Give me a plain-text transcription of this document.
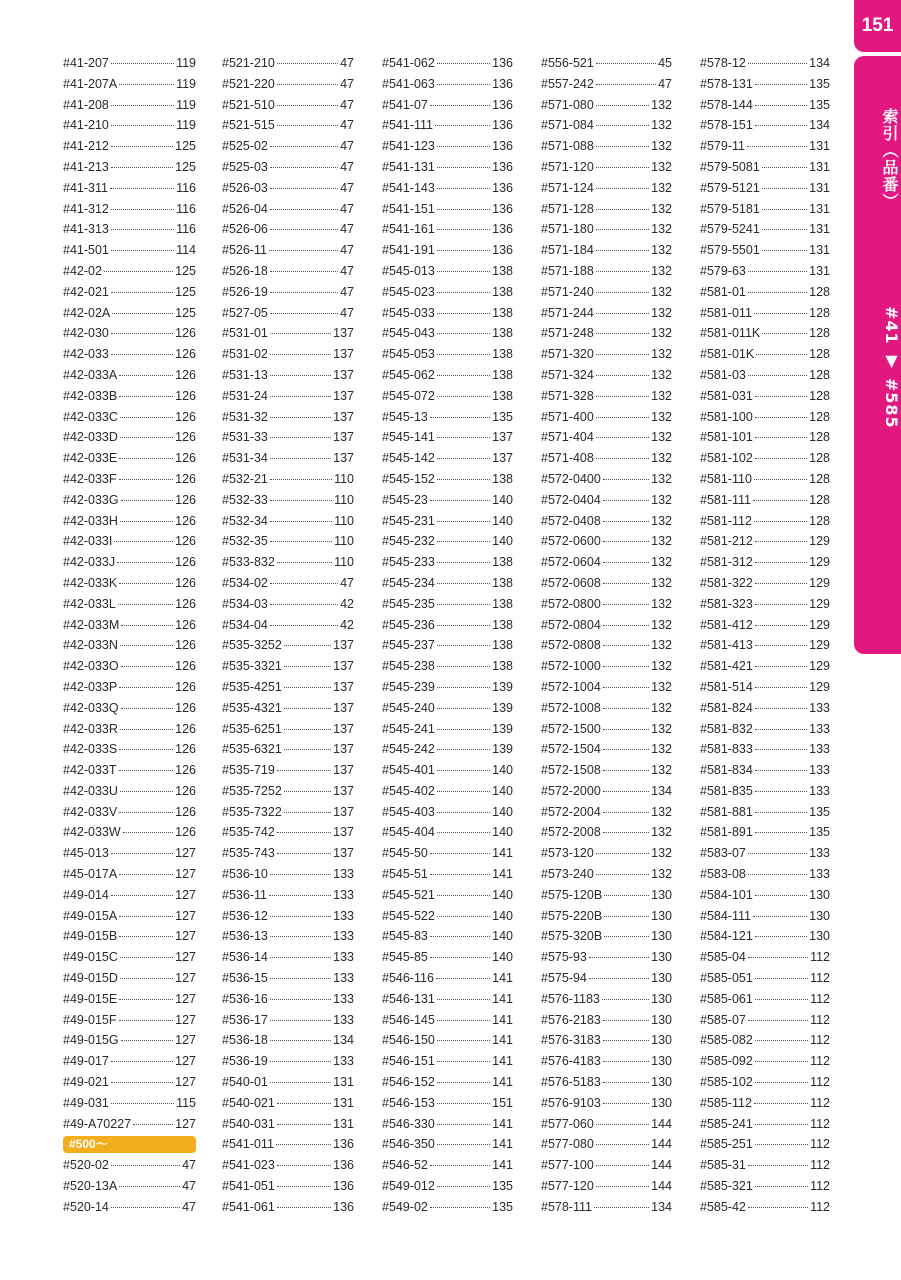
#41-207	119
#41-207A	119
#41-208	119
#41-210	119
#41-212	125
#41-213	125
#41-311	116
#41-312	116
#41-313	116
#41-501	114
#42-02	125
#42-021	125
#42-02A	125
#42-030	126
#42-033	126
#42-033A	126
#42-033B	126
#42-033C	126
#42-033D	126
#42-033E	126
#42-033F	126
#42-033G	126
#42-033H	126
#42-033I	126
#42-033J	126
#42-033K	126
#42-033L	126
#42-033M	126
#42-033N	126
#42-033O	126
#42-033P	126
#42-033Q	126
#42-033R	126
#42-033S	126
#42-033T	126
#42-033U	126
#42-033V	126
#42-033W	126
#45-013	127
#45-017A	127
#49-014	127
#49-015A	127
#49-015B	127
#49-015C	127
#49-015D	127
#49-015E	127
#49-015F	127
#49-015G	127
#49-017	127
#49-021	127
#49-031	115
#49-A70227	127
#500～
#520-02	47
#520-13A	47
#520-14	47
#521-210	47
#521-220	47
#521-510	47
#521-515	47
#525-02	47
#525-03	47
#526-03	47
#526-04	47
#526-06	47
#526-11	47
#526-18	47
#526-19	47
#527-05	47
#531-01	137
#531-02	137
#531-13	137
#531-24	137
#531-32	137
#531-33	137
#531-34	137
#532-21	110
#532-33	110
#532-34	110
#532-35	110
#533-832	110
#534-02	47
#534-03	42
#534-04	42
#535-3252	137
#535-3321	137
#535-4251	137
#535-4321	137
#535-6251	137
#535-6321	137
#535-719	137
#535-7252	137
#535-7322	137
#535-742	137
#535-743	137
#536-10	133
#536-11	133
#536-12	133
#536-13	133
#536-14	133
#536-15	133
#536-16	133
#536-17	133
#536-18	134
#536-19	133
#540-01	131
#540-021	131
#540-031	131
#541-011	136
#541-023	136
#541-051	136
#541-061	136
#541-062	136
#541-063	136
#541-07	136
#541-111	136
#541-123	136
#541-131	136
#541-143	136
#541-151	136
#541-161	136
#541-191	136
#545-013	138
#545-023	138
#545-033	138
#545-043	138
#545-053	138
#545-062	138
#545-072	138
#545-13	135
#545-141	137
#545-142	137
#545-152	138
#545-23	140
#545-231	140
#545-232	140
#545-233	138
#545-234	138
#545-235	138
#545-236	138
#545-237	138
#545-238	138
#545-239	139
#545-240	139
#545-241	139
#545-242	139
#545-401	140
#545-402	140
#545-403	140
#545-404	140
#545-50	141
#545-51	141
#545-521	140
#545-522	140
#545-83	140
#545-85	140
#546-116	141
#546-131	141
#546-145	141
#546-150	141
#546-151	141
#546-152	141
#546-153	151
#546-330	141
#546-350	141
#546-52	141
#549-012	135
#549-02	135
#556-521	45
#557-242	47
#571-080	132
#571-084	132
#571-088	132
#571-120	132
#571-124	132
#571-128	132
#571-180	132
#571-184	132
#571-188	132
#571-240	132
#571-244	132
#571-248	132
#571-320	132
#571-324	132
#571-328	132
#571-400	132
#571-404	132
#571-408	132
#572-0400	132
#572-0404	132
#572-0408	132
#572-0600	132
#572-0604	132
#572-0608	132
#572-0800	132
#572-0804	132
#572-0808	132
#572-1000	132
#572-1004	132
#572-1008	132
#572-1500	132
#572-1504	132
#572-1508	132
#572-2000	134
#572-2004	132
#572-2008	132
#573-120	132
#573-240	132
#575-120B	130
#575-220B	130
#575-320B	130
#575-93	130
#575-94	130
#576-1183	130
#576-2183	130
#576-3183	130
#576-4183	130
#576-5183	130
#576-9103	130
#577-060	144
#577-080	144
#577-100	144
#577-120	144
#578-111	134
#578-12	134
#578-131	135
#578-144	135
#578-151	134
#579-11	131
#579-5081	131
#579-5121	131
#579-5181	131
#579-5241	131
#579-5501	131
#579-63	131
#581-01	128
#581-011	128
#581-011K	128
#581-01K	128
#581-03	128
#581-031	128
#581-100	128
#581-101	128
#581-102	128
#581-110	128
#581-111	128
#581-112	128
#581-212	129
#581-312	129
#581-322	129
#581-323	129
#581-412	129
#581-413	129
#581-421	129
#581-514	129
#581-824	133
#581-832	133
#581-833	133
#581-834	133
#581-835	133
#581-881	135
#581-891	135
#583-07	133
#583-08	133
#584-101	130
#584-111	130
#584-121	130
#585-04	112
#585-051	112
#585-061	112
#585-07	112
#585-082	112
#585-092	112
#585-102	112
#585-112	112
#585-241	112
#585-251	112
#585-31	112
#585-321	112
#585-42	112
151
索引（品番）
#41 ▼ #585
